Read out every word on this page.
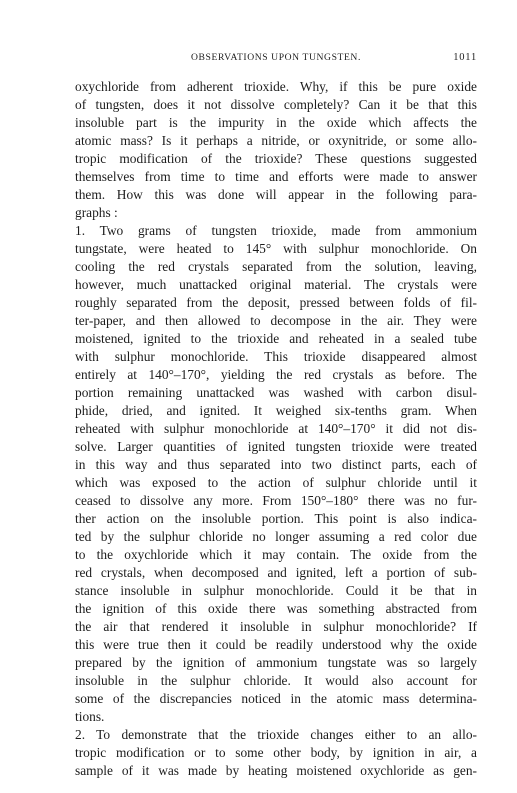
OBSERVATIONS UPON TUNGSTEN.	1011
oxychloride from adherent trioxide. Why, if this be pure oxide
of tungsten, does it not dissolve completely? Can it be that this
insoluble part is the impurity in the oxide which affects the
atomic mass? Is it perhaps a nitride, or oxynitride, or some allo-
tropic modification of the trioxide? These questions suggested
themselves from time to time and efforts were made to answer
them. How this was done will appear in the following para-
graphs :
1. Two grams of tungsten trioxide, made from ammonium
tungstate, were heated to 145° with sulphur monochloride. On
cooling the red crystals separated from the solution, leaving,
however, much unattacked original material. The crystals were
roughly separated from the deposit, pressed between folds of fil-
ter-paper, and then allowed to decompose in the air. They were
moistened, ignited to the trioxide and reheated in a sealed tube
with sulphur monochloride. This trioxide disappeared almost
entirely at 140°–170°, yielding the red crystals as before. The
portion remaining unattacked was washed with carbon disul-
phide, dried, and ignited. It weighed six-tenths gram. When
reheated with sulphur monochloride at 140°–170° it did not dis-
solve. Larger quantities of ignited tungsten trioxide were treated
in this way and thus separated into two distinct parts, each of
which was exposed to the action of sulphur chloride until it
ceased to dissolve any more. From 150°–180° there was no fur-
ther action on the insoluble portion. This point is also indica-
ted by the sulphur chloride no longer assuming a red color due
to the oxychloride which it may contain. The oxide from the
red crystals, when decomposed and ignited, left a portion of sub-
stance insoluble in sulphur monochloride. Could it be that in
the ignition of this oxide there was something abstracted from
the air that rendered it insoluble in sulphur monochloride? If
this were true then it could be readily understood why the oxide
prepared by the ignition of ammonium tungstate was so largely
insoluble in the sulphur chloride. It would also account for
some of the discrepancies noticed in the atomic mass determina-
tions.
2. To demonstrate that the trioxide changes either to an allo-
tropic modification or to some other body, by ignition in air, a
sample of it was made by heating moistened oxychloride as gen-
